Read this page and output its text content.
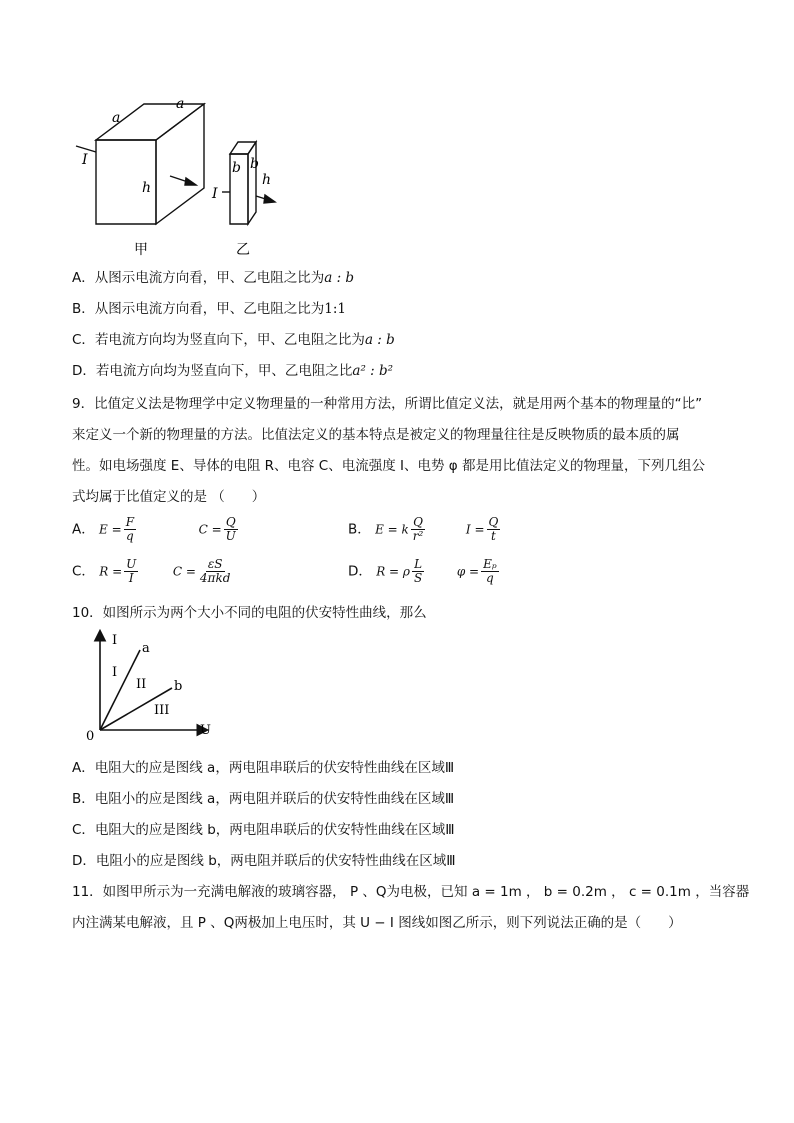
a
a
I
h
b b
h
I
甲	乙
A．从图示电流方向看，甲、乙电阻之比为a : b
B．从图示电流方向看，甲、乙电阻之比为1:1
C．若电流方向均为竖直向下，甲、乙电阻之比为a : b
D．若电流方向均为竖直向下，甲、乙电阻之比a² : b²
9．比值定义法是物理学中定义物理量的一种常用方法，所谓比值定义法，就是用两个基本的物理量的“比”
来定义一个新的物理量的方法。比值法定义的基本特点是被定义的物理量往往是反映物质的最本质的属
性。如电场强度 E、导体的电阻 R、电容 C、电流强度 I、电势 φ 都是用比值法定义的物理量，下列几组公
式均属于比值定义的是 （　　）
A． $E = \frac{F}{q}$	$C = \frac{Q}{U}$	B． E = k $\frac{Q}{\text{r²}}$	$I = \frac{Q}{t}$
C． $R = \frac{U}{I}$	$C = \frac{\varepsilon S}{\text{4πkd}}$	D． R = ρ $\frac{L}{S}$	$\varphi = \frac{\text{Eₚ}}{q}$
10．如图所示为两个大小不同的电阻的伏安特性曲线，那么
I
U
0
a
b
I
II
III
A．电阻大的应是图线 a，两电阻串联后的伏安特性曲线在区域Ⅲ
B．电阻小的应是图线 a，两电阻并联后的伏安特性曲线在区域Ⅲ
C．电阻大的应是图线 b，两电阻串联后的伏安特性曲线在区域Ⅲ
D．电阻小的应是图线 b，两电阻并联后的伏安特性曲线在区域Ⅲ
11．如图甲所示为一充满电解液的玻璃容器， P 、Q为电极，已知 a = 1m ， b = 0.2m ， c = 0.1m ，当容器
内注满某电解液，且 P 、Q两极加上电压时，其 U − I 图线如图乙所示，则下列说法正确的是（　　）
